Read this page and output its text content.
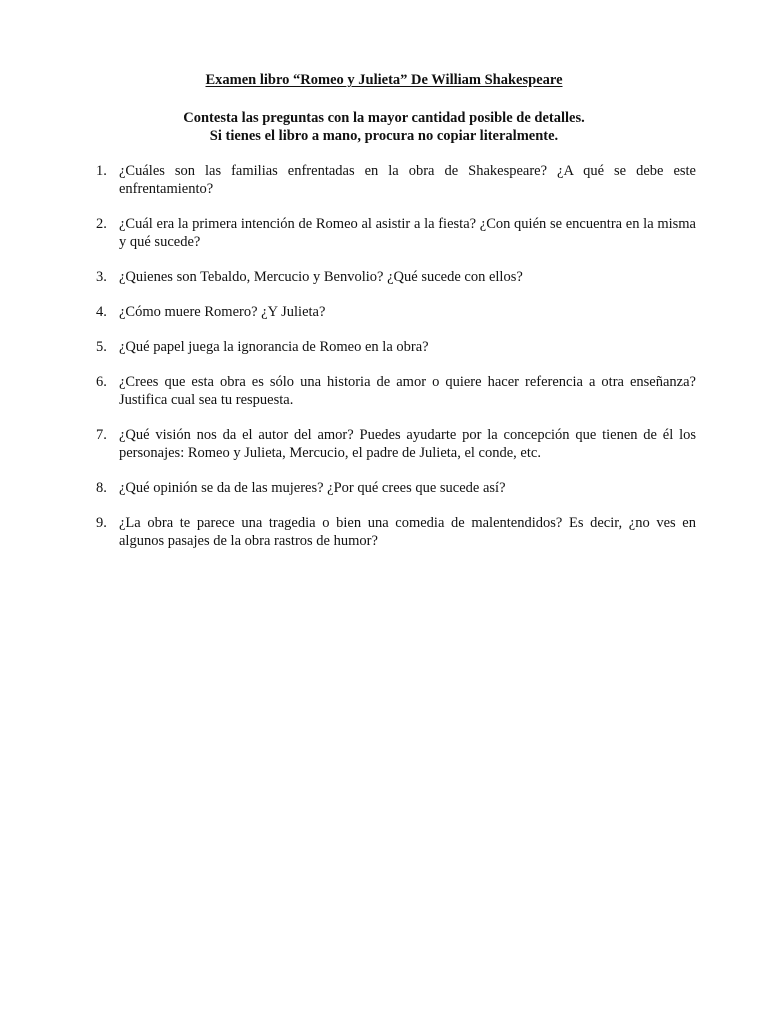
Examen libro “Romeo y Julieta” De William Shakespeare

Contesta las preguntas con la mayor cantidad posible de detalles.
Si tienes el libro a mano, procura no copiar literalmente.

1. ¿Cuáles son las familias enfrentadas en la obra de Shakespeare? ¿A qué se debe este enfrentamiento?
2. ¿Cuál era la primera intención de Romeo al asistir a la fiesta? ¿Con quién se encuentra en la misma y qué sucede?
3. ¿Quienes son Tebaldo, Mercucio y Benvolio? ¿Qué sucede con ellos?
4. ¿Cómo muere Romero? ¿Y Julieta?
5. ¿Qué papel juega la ignorancia de Romeo en la obra?
6. ¿Crees que esta obra es sólo una historia de amor o quiere hacer referencia a otra enseñanza? Justifica cual sea tu respuesta.
7. ¿Qué visión nos da el autor del amor? Puedes ayudarte por la concepción que tienen de él los personajes: Romeo y Julieta, Mercucio, el padre de Julieta, el conde, etc.
8. ¿Qué opinión se da de las mujeres? ¿Por qué crees que sucede así?
9. ¿La obra te parece una tragedia o bien una comedia de malentendidos? Es decir, ¿no ves en algunos pasajes de la obra rastros de humor?
